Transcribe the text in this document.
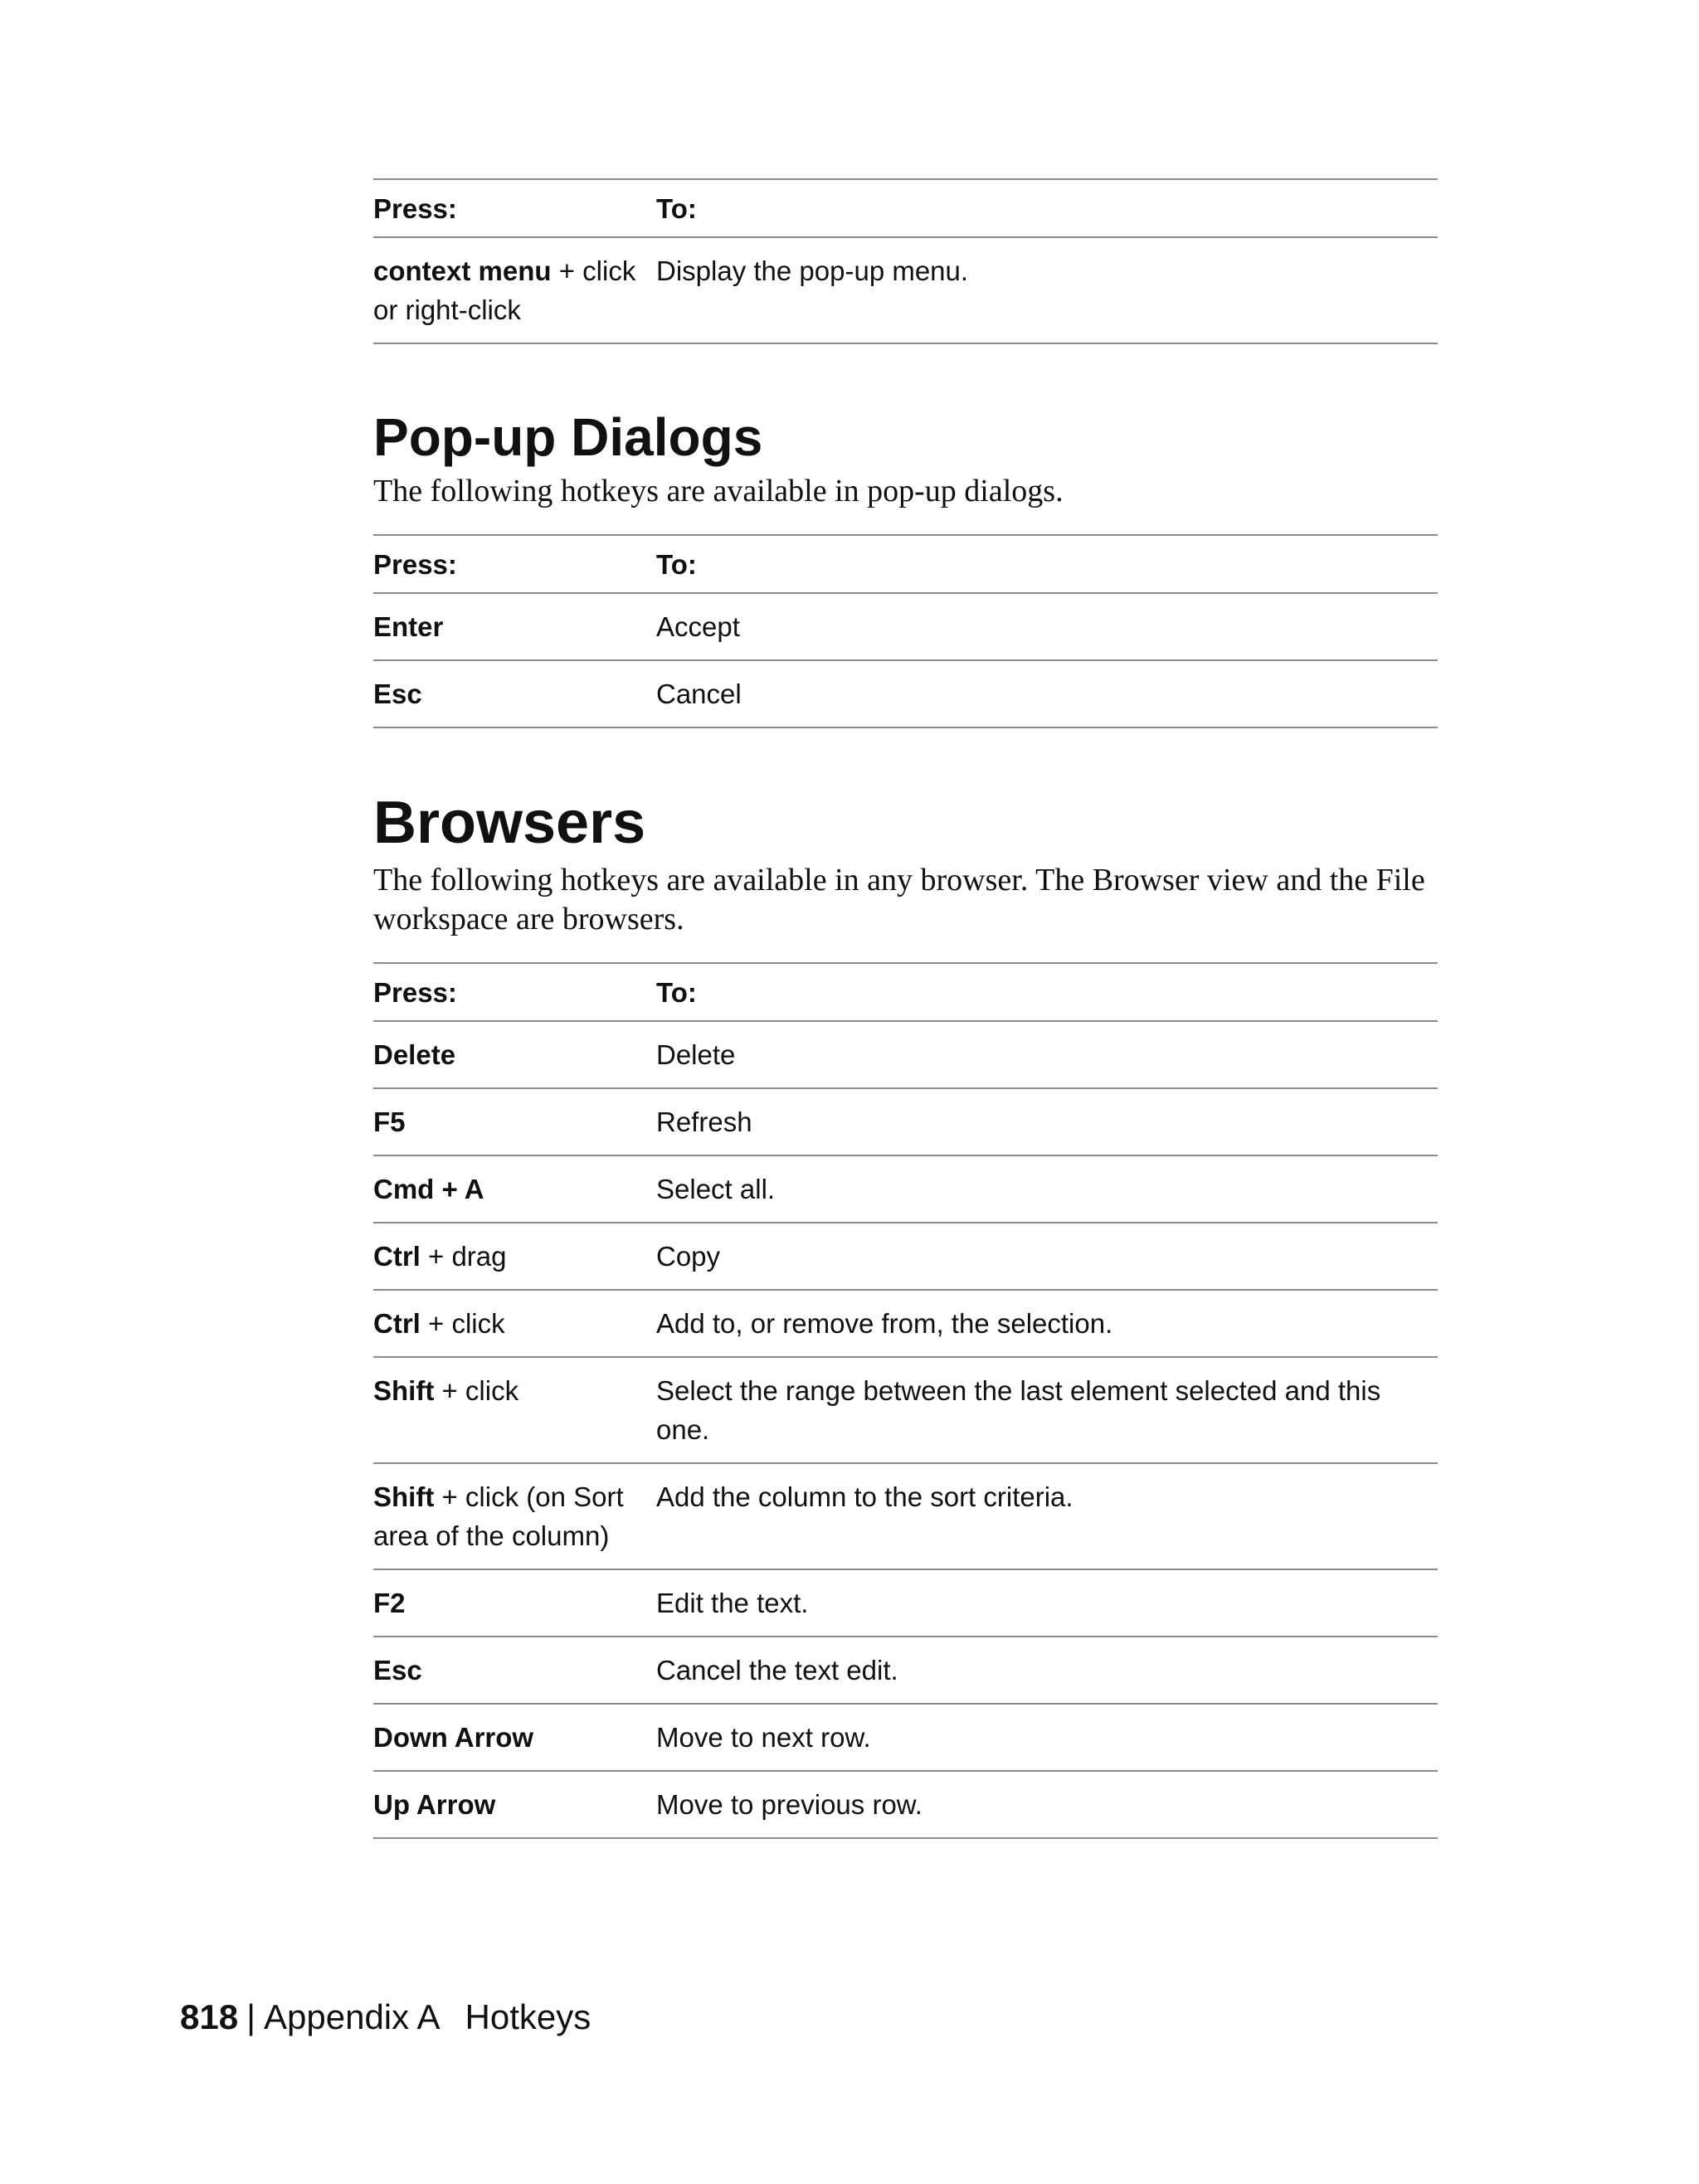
Press:	To:
context menu + click or right-click	Display the pop-up menu.
Pop-up Dialogs

The following hotkeys are available in pop-up dialogs.

Press:	To:
Enter	Accept
Esc	Cancel
Browsers

The following hotkeys are available in any browser. The Browser view and the File workspace are browsers.

Press:	To:
Delete	Delete
F5	Refresh
Cmd + A	Select all.
Ctrl + drag	Copy
Ctrl + click	Add to, or remove from, the selection.
Shift + click	Select the range between the last element selected and this one.
Shift + click (on Sort area of the column)	Add the column to the sort criteria.
F2	Edit the text.
Esc	Cancel the text edit.
Down Arrow	Move to next row.
Up Arrow	Move to previous row.
818 | Appendix A Hotkeys
